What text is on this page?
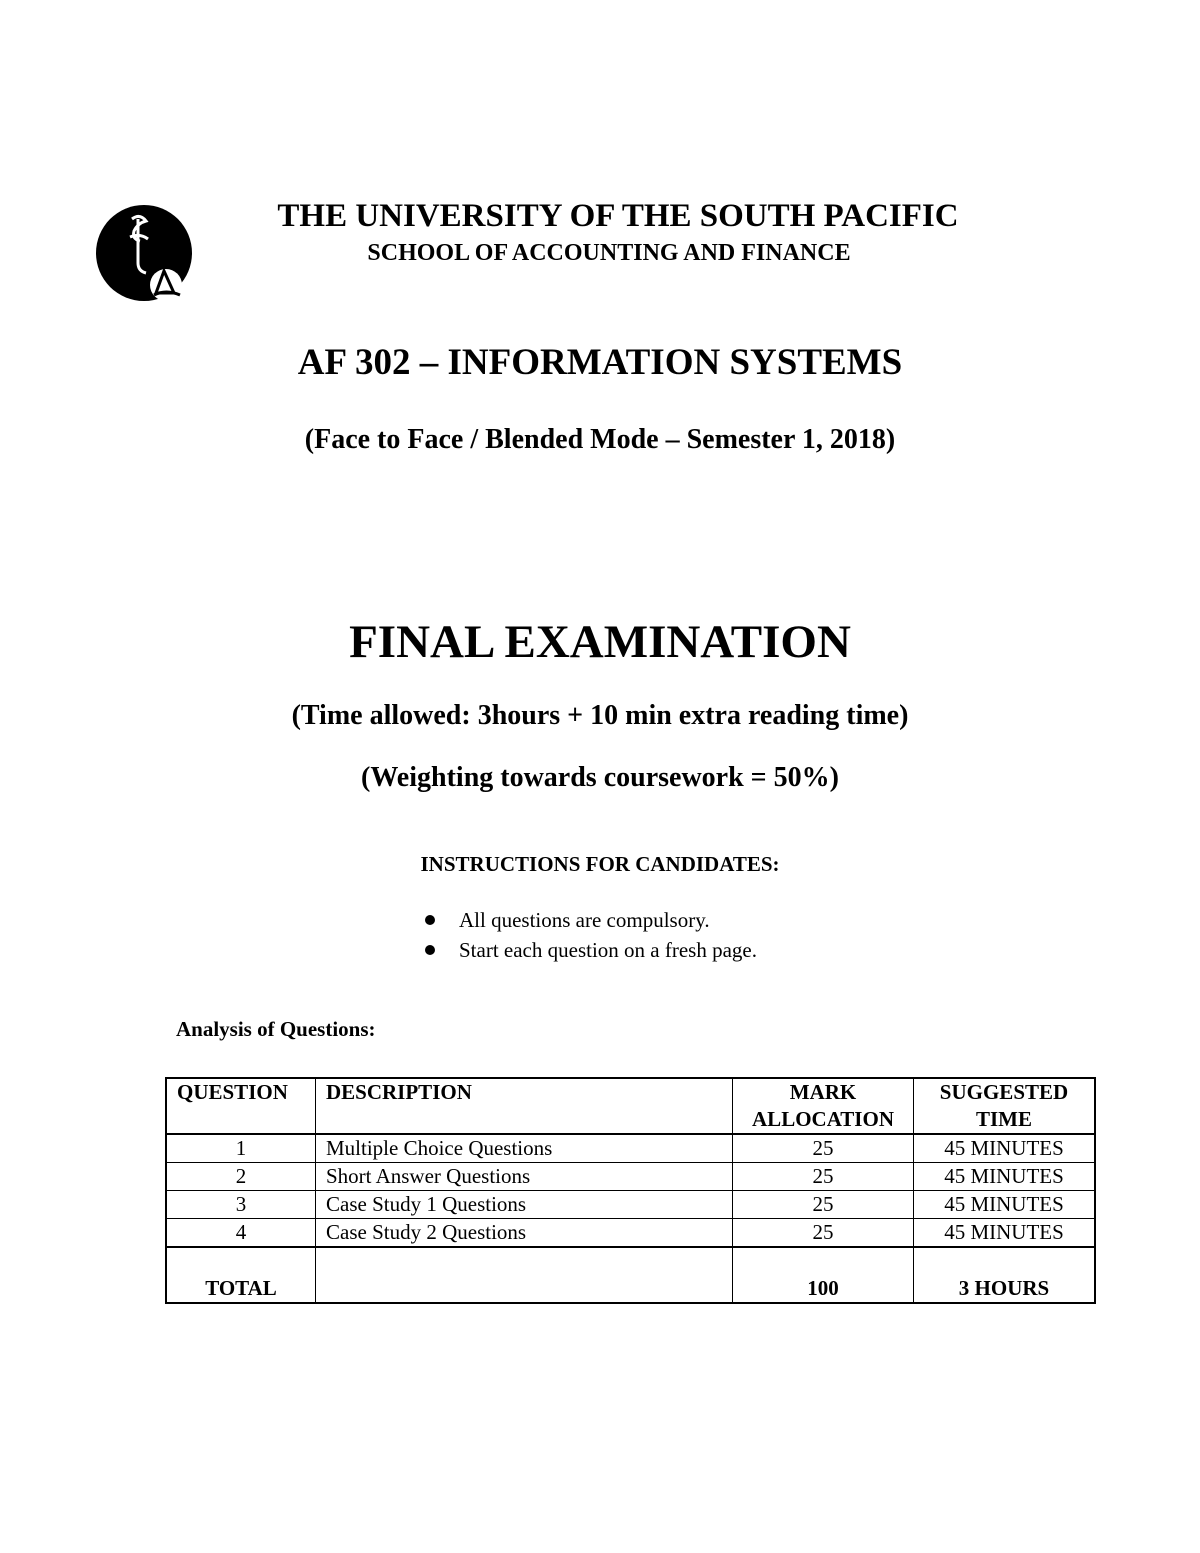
THE UNIVERSITY OF THE SOUTH PACIFIC

SCHOOL OF ACCOUNTING AND FINANCE

AF 302 – INFORMATION SYSTEMS

(Face to Face / Blended Mode – Semester 1, 2018)

FINAL EXAMINATION

(Time allowed: 3hours + 10 min extra reading time)

(Weighting towards coursework = 50%)

INSTRUCTIONS FOR CANDIDATES:

All questions are compulsory.
Start each question on a fresh page.

Analysis of Questions:

QUESTION	DESCRIPTION	MARK ALLOCATION	SUGGESTED TIME
1	Multiple Choice Questions	25	45 MINUTES
2	Short Answer Questions	25	45 MINUTES
3	Case Study 1 Questions	25	45 MINUTES
4	Case Study 2 Questions	25	45 MINUTES
TOTAL		100	3 HOURS
